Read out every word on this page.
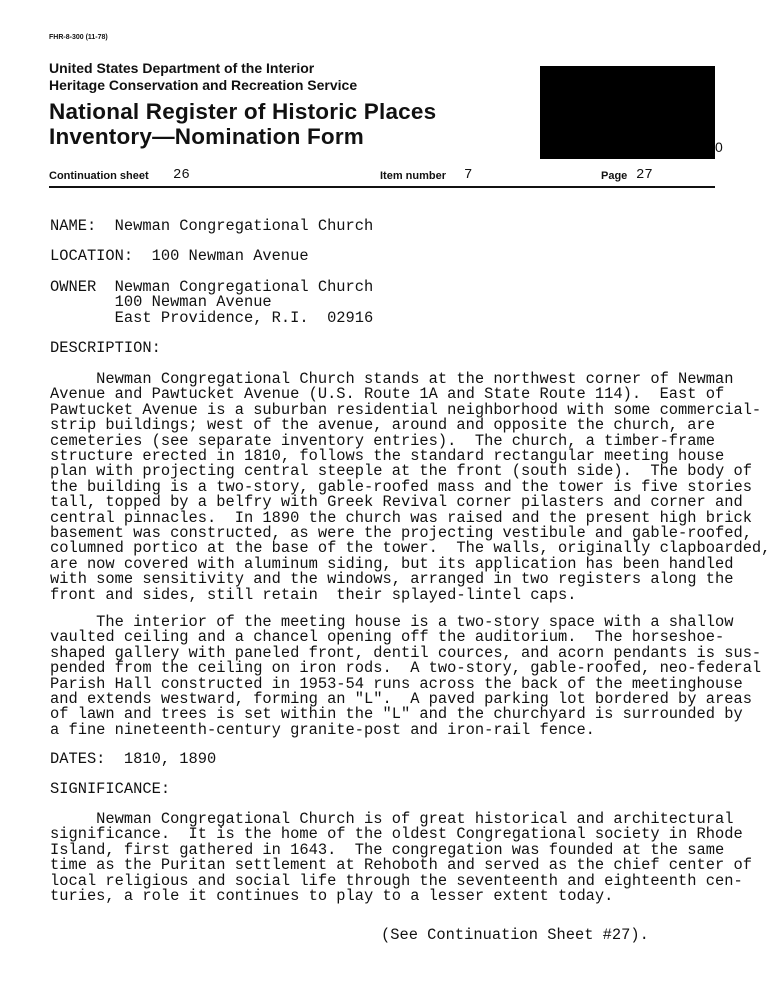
FHR-8-300 (11-78)
United States Department of the Interior
Heritage Conservation and Recreation Service
National Register of Historic Places
Inventory—Nomination Form	0
Continuation sheet 26	Item number 7	Page 27
NAME:  Newman Congregational Church
LOCATION:  100 Newman Avenue
OWNER  Newman Congregational Church
100 Newman Avenue
East Providence, R.I.  02916
DESCRIPTION:
Newman Congregational Church stands at the northwest corner of Newman
Avenue and Pawtucket Avenue (U.S. Route 1A and State Route 114).  East of
Pawtucket Avenue is a suburban residential neighborhood with some commercial-
strip buildings; west of the avenue, around and opposite the church, are
cemeteries (see separate inventory entries).  The church, a timber-frame
structure erected in 1810, follows the standard rectangular meeting house
plan with projecting central steeple at the front (south side).  The body of
the building is a two-story, gable-roofed mass and the tower is five stories
tall, topped by a belfry with Greek Revival corner pilasters and corner and
central pinnacles.  In 1890 the church was raised and the present high brick
basement was constructed, as were the projecting vestibule and gable-roofed,
columned portico at the base of the tower.  The walls, originally clapboarded,
are now covered with aluminum siding, but its application has been handled
with some sensitivity and the windows, arranged in two registers along the
front and sides, still retain  their splayed-lintel caps.
The interior of the meeting house is a two-story space with a shallow
vaulted ceiling and a chancel opening off the auditorium.  The horseshoe-
shaped gallery with paneled front, dentil cources, and acorn pendants is sus-
pended from the ceiling on iron rods.  A two-story, gable-roofed, neo-federal
Parish Hall constructed in 1953-54 runs across the back of the meetinghouse
and extends westward, forming an "L".  A paved parking lot bordered by areas
of lawn and trees is set within the "L" and the churchyard is surrounded by
a fine nineteenth-century granite-post and iron-rail fence.
DATES:  1810, 1890
SIGNIFICANCE:
Newman Congregational Church is of great historical and architectural
significance.  It is the home of the oldest Congregational society in Rhode
Island, first gathered in 1643.  The congregation was founded at the same
time as the Puritan settlement at Rehoboth and served as the chief center of
local religious and social life through the seventeenth and eighteenth cen-
turies, a role it continues to play to a lesser extent today.
(See Continuation Sheet #27).
